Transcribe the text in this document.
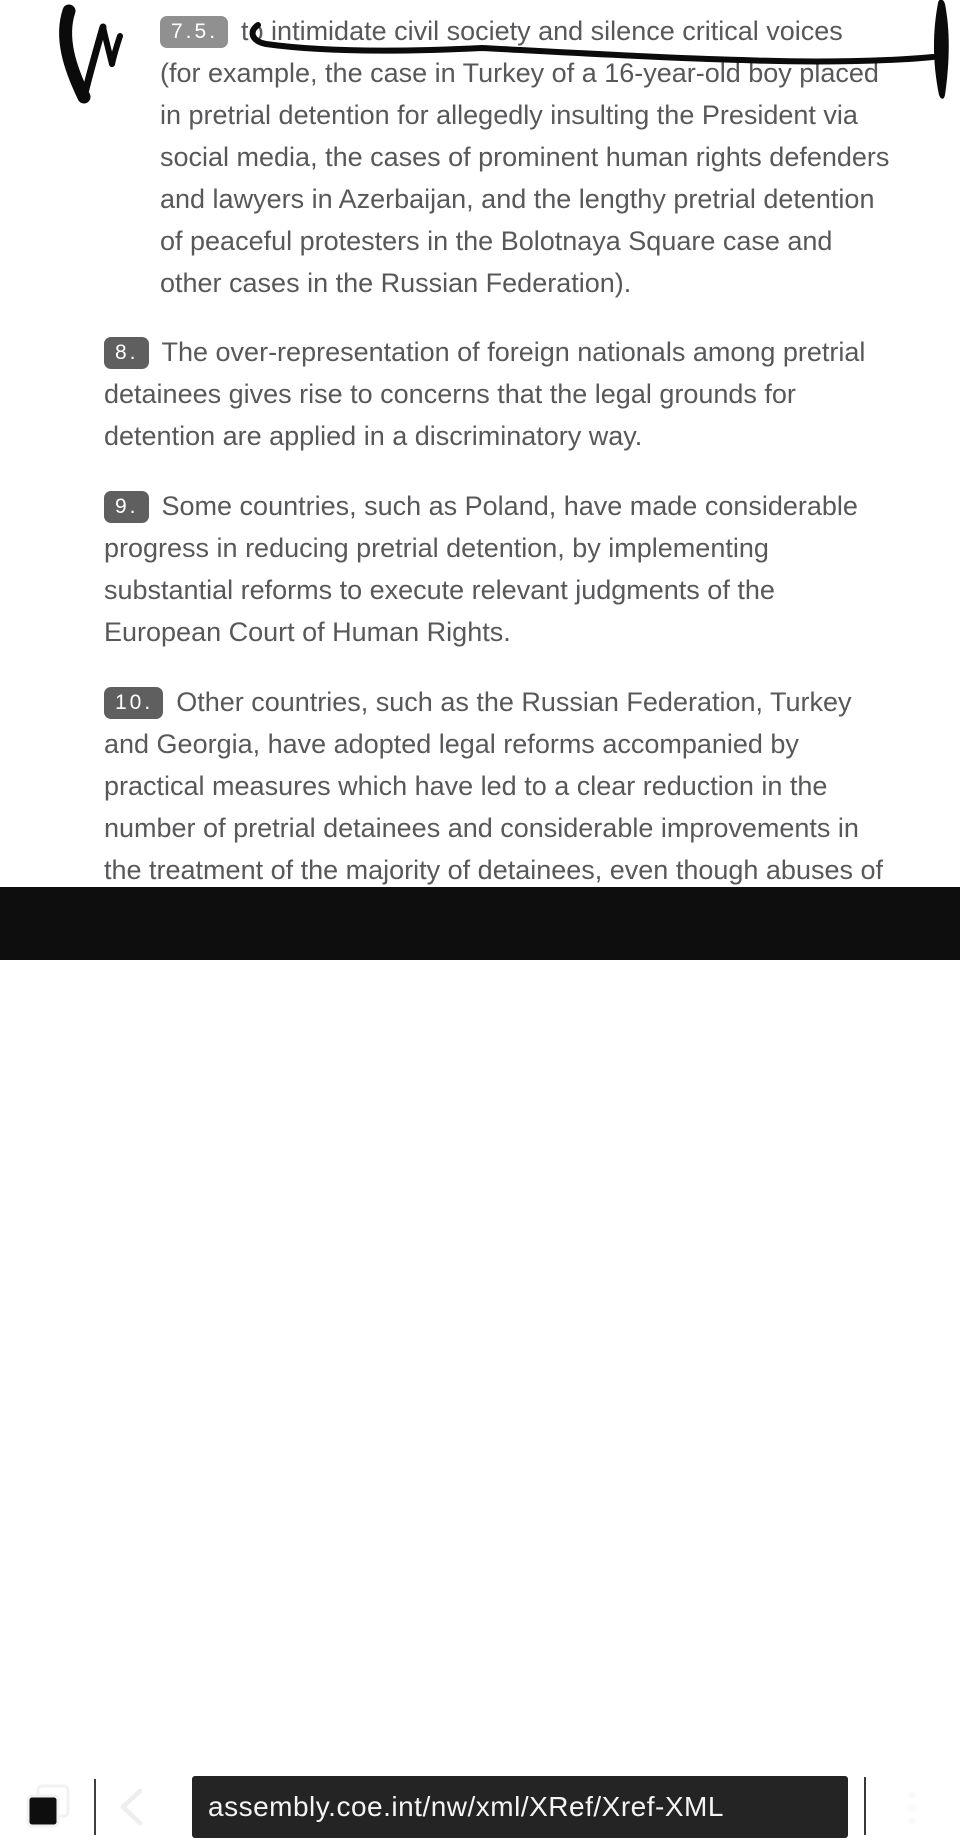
7.5. to intimidate civil society and silence critical voices
(for example, the case in Turkey of a 16-year-old boy placed
in pretrial detention for allegedly insulting the President via
social media, the cases of prominent human rights defenders
and lawyers in Azerbaijan, and the lengthy pretrial detention
of peaceful protesters in the Bolotnaya Square case and
other cases in the Russian Federation).
8. The over-representation of foreign nationals among pretrial
detainees gives rise to concerns that the legal grounds for
detention are applied in a discriminatory way.
9. Some countries, such as Poland, have made considerable
progress in reducing pretrial detention, by implementing
substantial reforms to execute relevant judgments of the
European Court of Human Rights.
10. Other countries, such as the Russian Federation, Turkey
and Georgia, have adopted legal reforms accompanied by
practical measures which have led to a clear reduction in the
number of pretrial detainees and considerable improvements in
the treatment of the majority of detainees, even though abuses of
assembly.coe.int/nw/xml/XRef/Xref-XML
